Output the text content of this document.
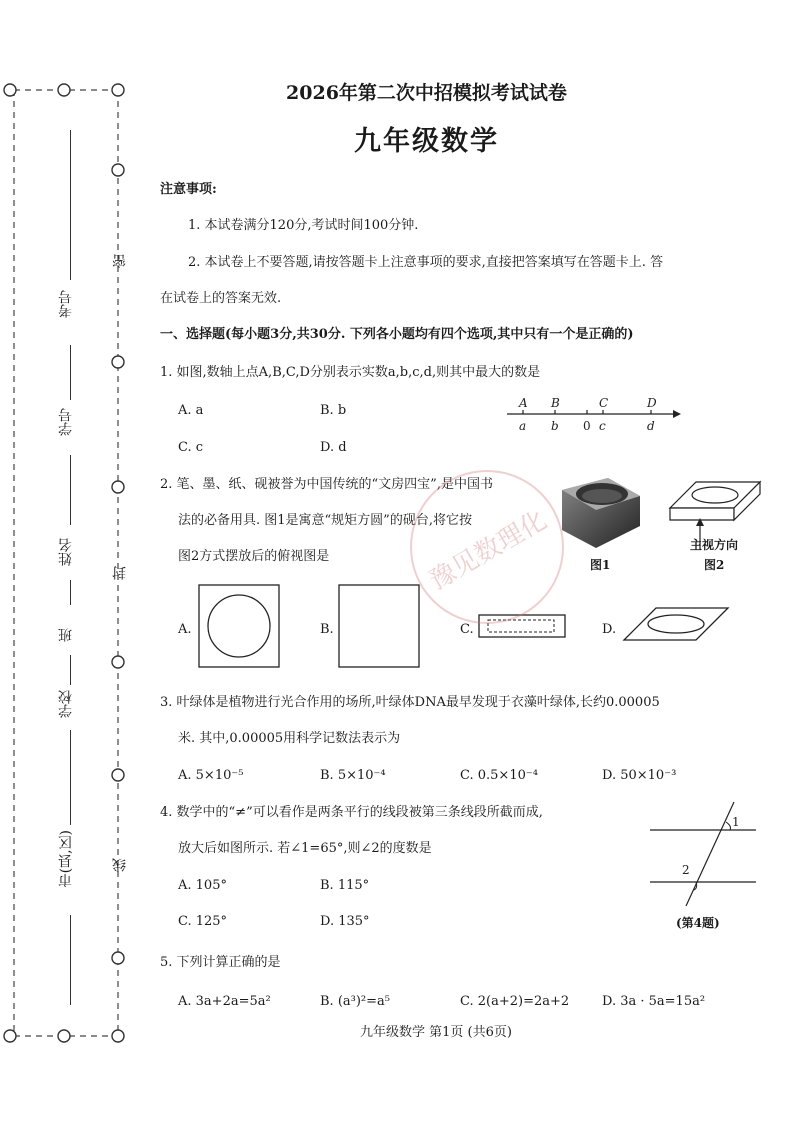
考号
学号
姓名
班
学校
市(县,区)
密
封
线
2026年第二次中招模拟考试试卷
九年级数学
注意事项:
1. 本试卷满分120分,考试时间100分钟.
2. 本试卷上不要答题,请按答题卡上注意事项的要求,直接把答案填写在答题卡上. 答
在试卷上的答案无效.
一、选择题(每小题3分,共30分. 下列各小题均有四个选项,其中只有一个是正确的)
1. 如图,数轴上点A,B,C,D分别表示实数a,b,c,d,则其中最大的数是
A. a	B. b
C. c	D. d
A B	C	D
a b 0 c	d
2. 笔、墨、纸、砚被誉为中国传统的“文房四宝”,是中国书
法的必备用具. 图1是寓意“规矩方圆”的砚台,将它按
图2方式摆放后的俯视图是
图1
主视方向
图2
A.	B.	C.	D.
豫见数理化
3. 叶绿体是植物进行光合作用的场所,叶绿体DNA最早发现于衣藻叶绿体,长约0.00005
米. 其中,0.00005用科学记数法表示为
A. 5×10⁻⁵	B. 5×10⁻⁴	C. 0.5×10⁻⁴	D. 50×10⁻³
4. 数学中的“≠”可以看作是两条平行的线段被第三条线段所截而成,
放大后如图所示. 若∠1=65°,则∠2的度数是
A. 105°	B. 115°
C. 125°	D. 135°
1
2
(第4题)
5. 下列计算正确的是
A. 3a+2a=5a²	B. (a³)²=a⁵	C. 2(a+2)=2a+2	D. 3a · 5a=15a²
九年级数学 第1页 (共6页)
